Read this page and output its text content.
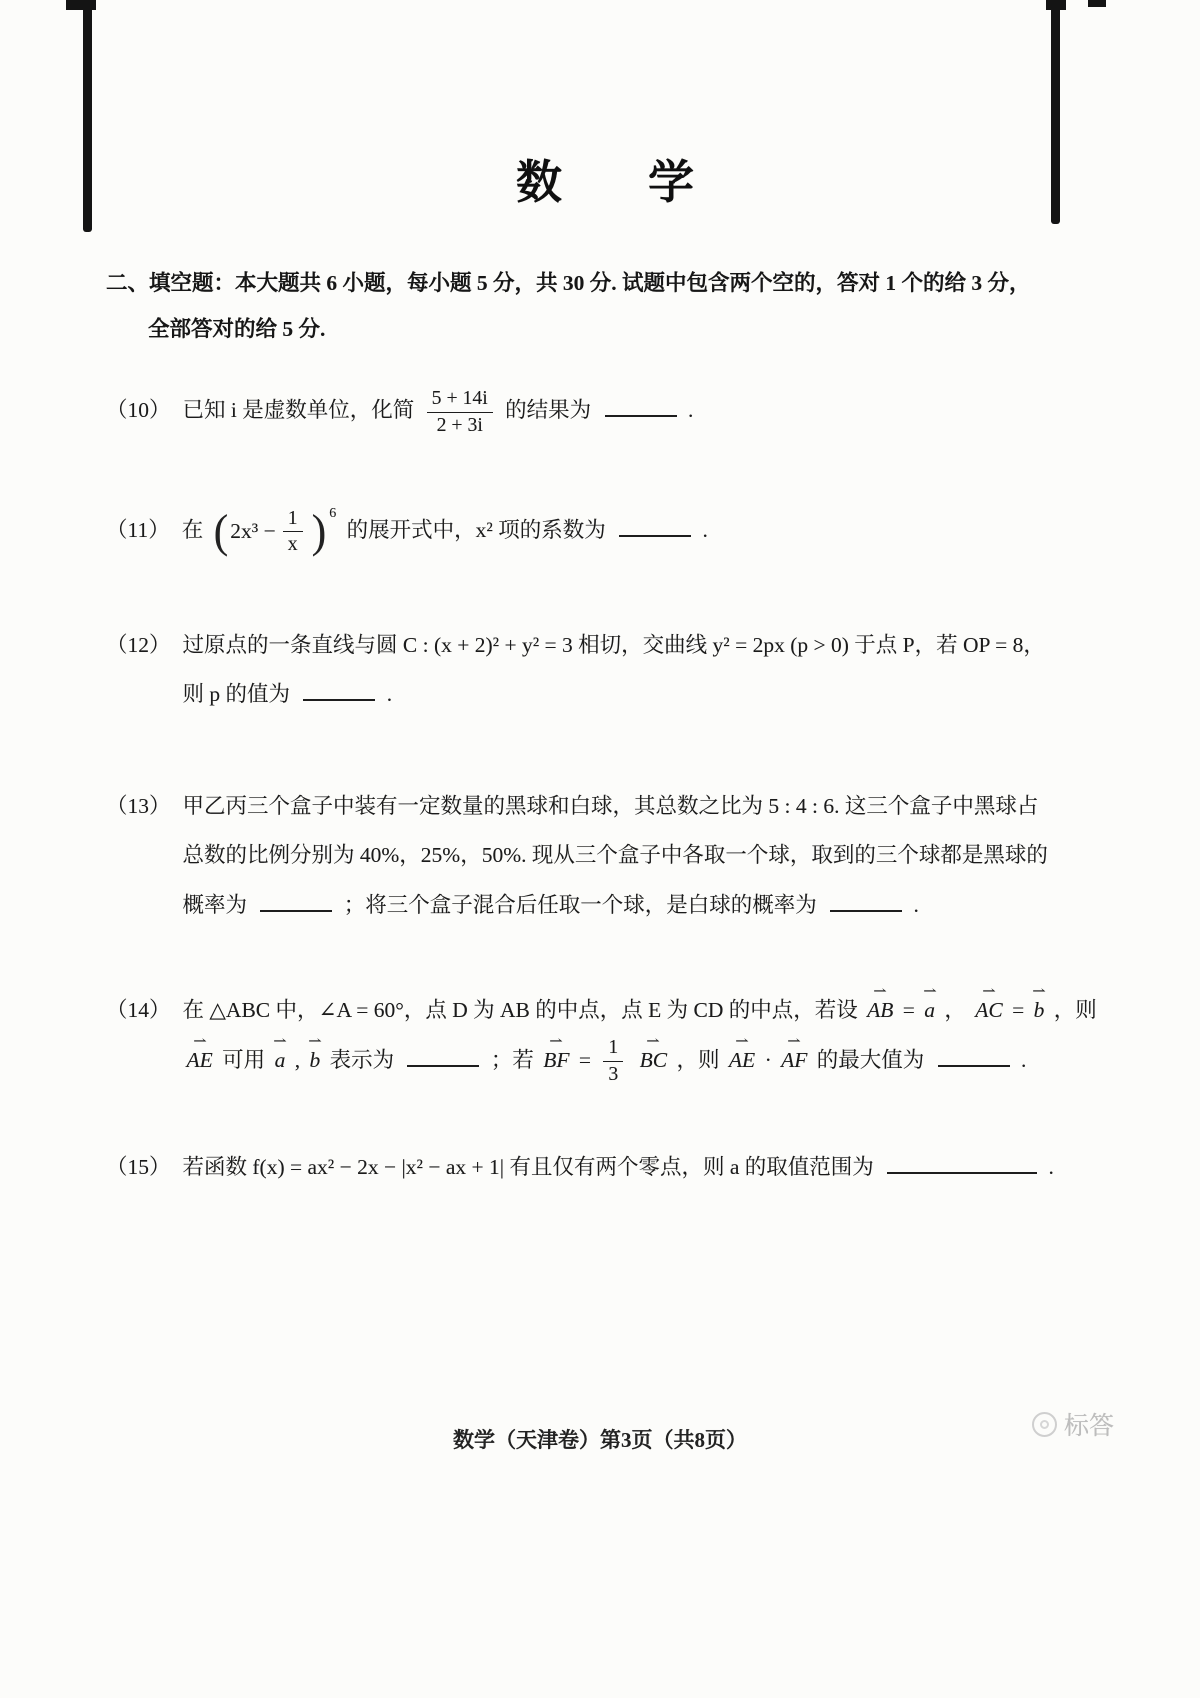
数　学

二、填空题：本大题共 6 小题，每小题 5 分，共 30 分. 试题中包含两个空的，答对 1 个的给 3 分，

全部答对的给 5 分.

（10） 已知 i 是虚数单位，化简 $\frac{5 + 14i}{2 + 3i}$ 的结果为	.
（11） 在 ( $2x^3 - \frac{1}{x}$ ) 6
的展开式中，x² 项的系数为	.
（12） 过原点的一条直线与圆 C : (x + 2)² + y² = 3 相切，交曲线 y² = 2px (p > 0) 于点 P，若 OP = 8，
则 p 的值为	.
（13） 甲乙丙三个盒子中装有一定数量的黑球和白球，其总数之比为 5 : 4 : 6. 这三个盒子中黑球占
总数的比例分别为 40%，25%，50%. 现从三个盒子中各取一个球，取到的三个球都是黑球的
概率为	；将三个盒子混合后任取一个球，是白球的概率为	.
（14） 在 △ABC 中，∠A = 60°，点 D 为 AB 的中点，点 E 为 CD 的中点，若设 AB ⇀ = a ⇀ ， AC ⇀ = b ⇀ ，则
AE ⇀ 可用 a ⇀ , b ⇀ 表示为	；若 BF ⇀ = $\frac{1}{3}$ BC ⇀ ，则 AE ⇀ · AF ⇀ 的最大值为	.
（15） 若函数 f(x) = ax² − 2x − |x² − ax + 1| 有且仅有两个零点，则 a 的取值范围为	.
数学（天津卷）第3页（共8页）	标答
